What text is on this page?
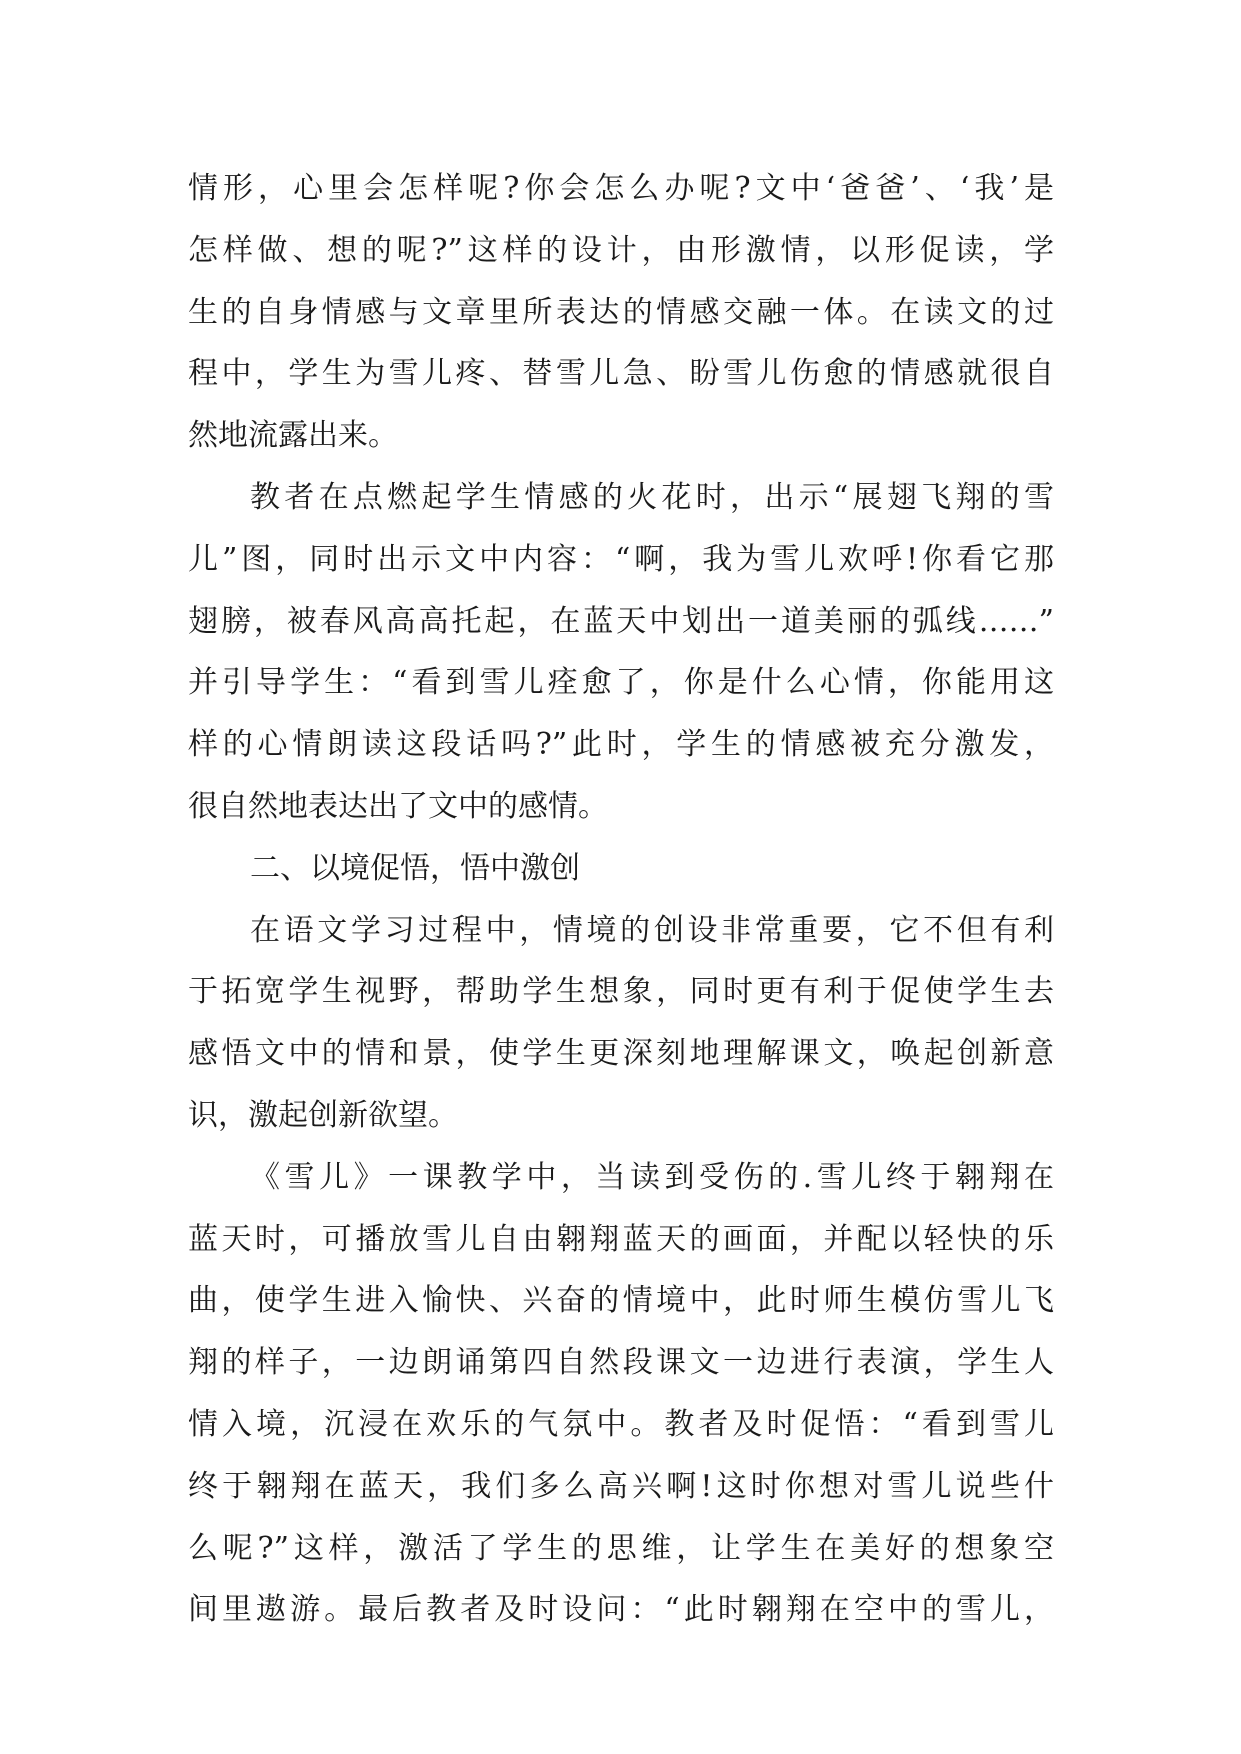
情形，心里会怎样呢?你会怎么办呢?文中‘爸爸’、‘我’是
怎样做、想的呢?”这样的设计，由形激情，以形促读，学
生的自身情感与文章里所表达的情感交融一体。在读文的过
程中，学生为雪儿疼、替雪儿急、盼雪儿伤愈的情感就很自
然地流露出来。
教者在点燃起学生情感的火花时，出示“展翅飞翔的雪
儿”图，同时出示文中内容：“啊，我为雪儿欢呼!你看它那
翅膀，被春风高高托起，在蓝天中划出一道美丽的弧线……”
并引导学生：“看到雪儿痊愈了，你是什么心情，你能用这
样的心情朗读这段话吗?”此时，学生的情感被充分激发，
很自然地表达出了文中的感情。
二、以境促悟，悟中激创
在语文学习过程中，情境的创设非常重要，它不但有利
于拓宽学生视野，帮助学生想象，同时更有利于促使学生去
感悟文中的情和景，使学生更深刻地理解课文，唤起创新意
识，激起创新欲望。
《雪儿》一课教学中，当读到受伤的.雪儿终于翱翔在
蓝天时，可播放雪儿自由翱翔蓝天的画面，并配以轻快的乐
曲，使学生进入愉快、兴奋的情境中，此时师生模仿雪儿飞
翔的样子，一边朗诵第四自然段课文一边进行表演，学生人
情入境，沉浸在欢乐的气氛中。教者及时促悟：“看到雪儿
终于翱翔在蓝天，我们多么高兴啊!这时你想对雪儿说些什
么呢?”这样，激活了学生的思维，让学生在美好的想象空
间里遨游。最后教者及时设问：“此时翱翔在空中的雪儿，
